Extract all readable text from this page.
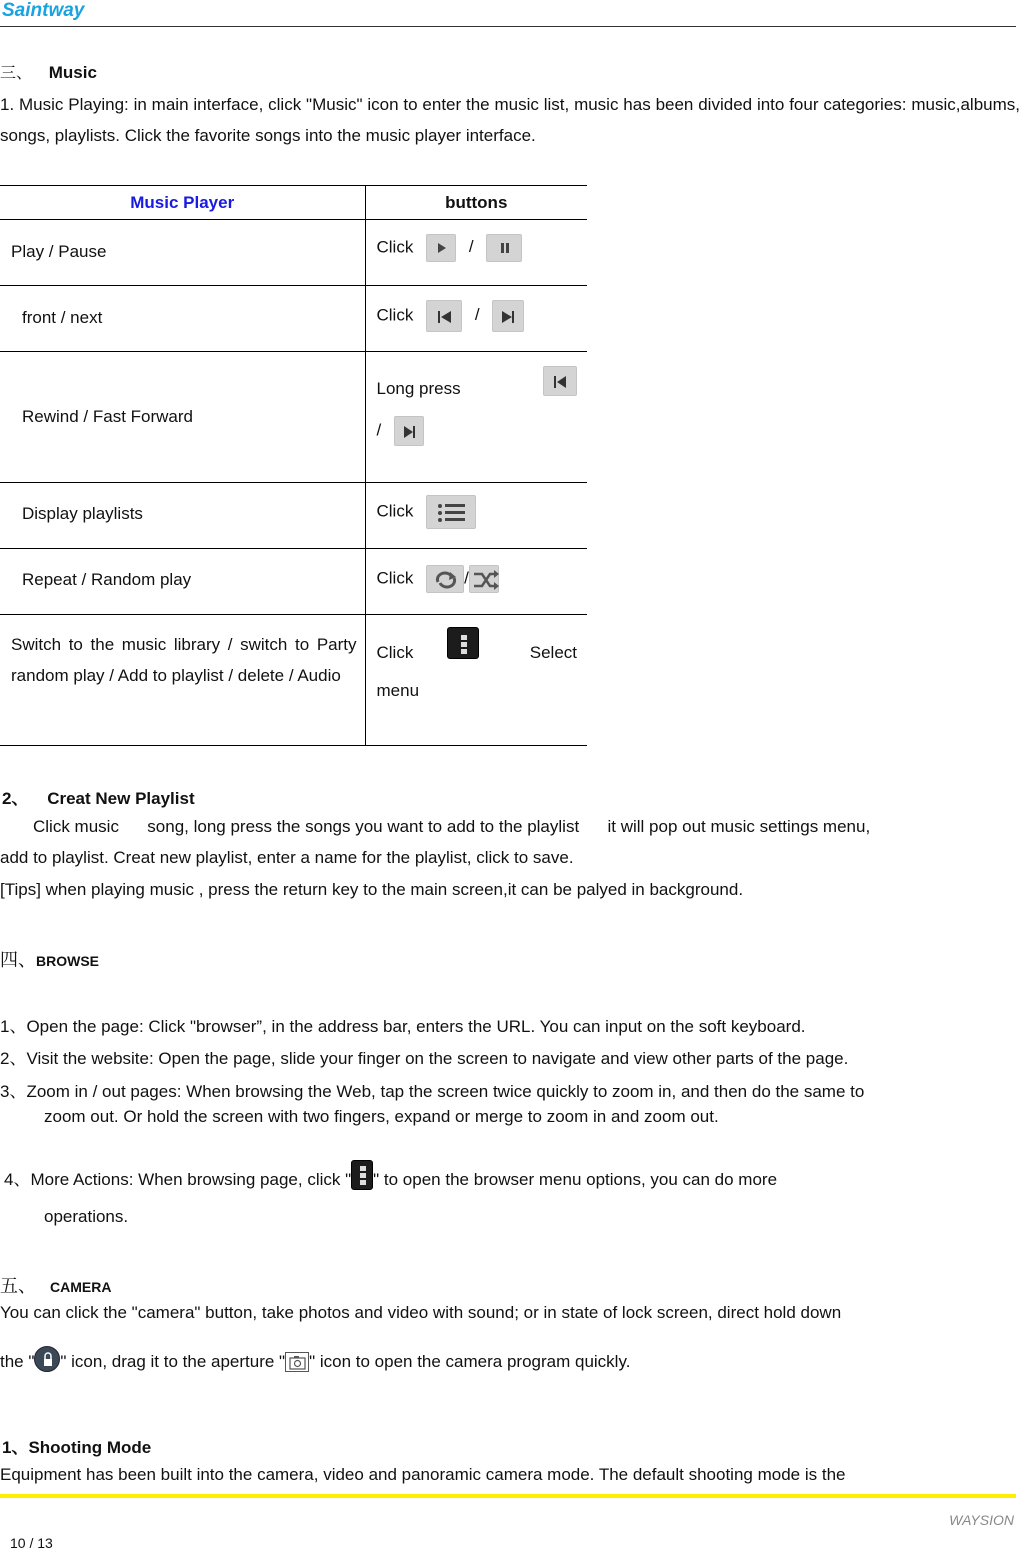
Saintway
三、 Music
1. Music Playing: in main interface, click "Music" icon to enter the music list, music has been divided into four categories: music,albums, songs, playlists. Click the favorite songs into the music player interface.
Music Player	buttons
Play / Pause	Click /

front / next	Click /

Rewind / Fast Forward	Long press
/

Display playlists	Click

Repeat / Random play	Click /

Switch to the music library / switch to Party random play / Add to playlist / delete / Audio	Click Select
menu
2、 Creat New Playlist
Click music      song, long press the songs you want to add to the playlist      it will pop out music settings menu,
add to playlist. Creat new playlist, enter a name for the playlist, click to save.
[Tips] when playing music , press the return key to the main screen,it can be palyed in background.
四、BROWSE
1、Open the page: Click "browser”, in the address bar, enters the URL. You can input on the soft keyboard.
2、Visit the website: Open the page, slide your finger on the screen to navigate and view other parts of the page.
3、Zoom in / out pages: When browsing the Web, tap the screen twice quickly to zoom in, and then do the same to
zoom out. Or hold the screen with two fingers, expand or merge to zoom in and zoom out.
4、More Actions: When browsing page, click " " to open the browser menu options, you can do more
operations.
五、 CAMERA
You can click the "camera" button, take photos and video with sound; or in state of lock screen, direct hold down
the " " icon, drag it to the aperture " " icon to open the camera program quickly.
1、Shooting Mode
Equipment has been built into the camera, video and panoramic camera mode. The default shooting mode is the
WAYSION
10 / 13
